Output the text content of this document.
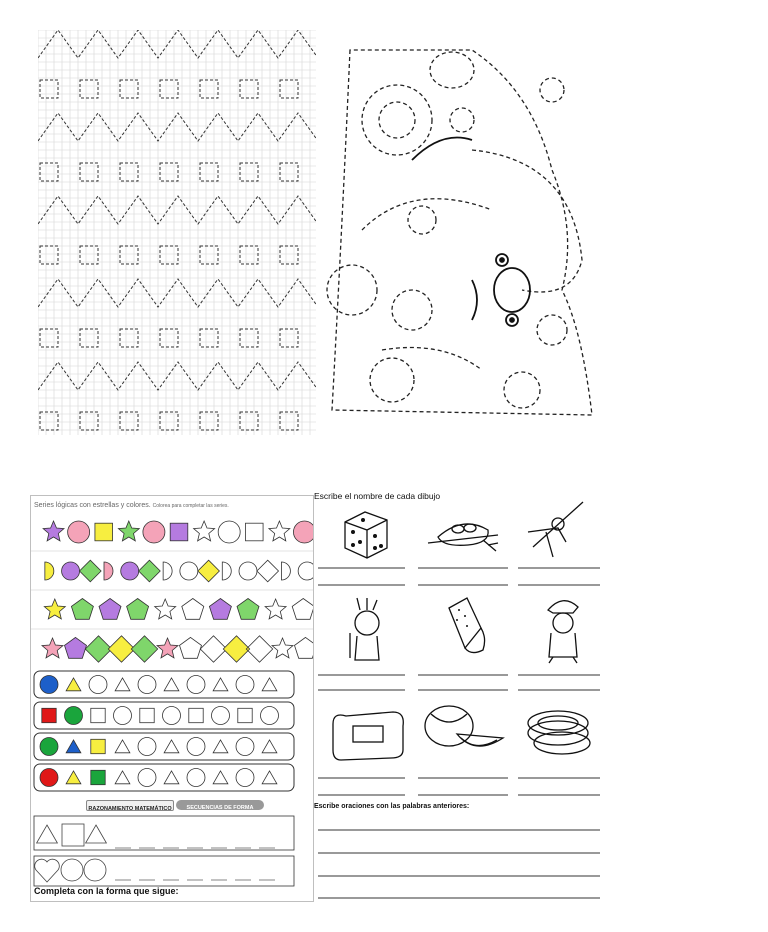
Series lógicas con estrellas y colores. Colorea para completar las series.
RAZONAMIENTO MATEMÁTICO	SECUENCIAS DE FORMA
Completa con la forma que sigue:
Escribe el nombre de cada dibujo
Escribe oraciones con las palabras anteriores:
